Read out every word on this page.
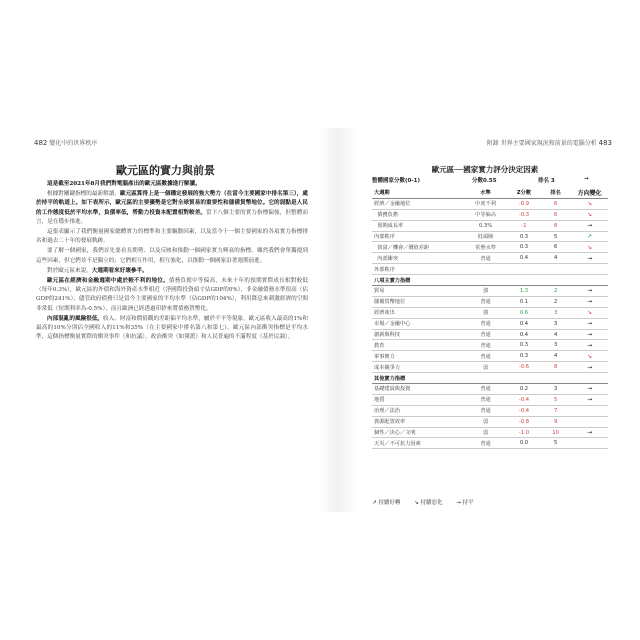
482 變化中的世界秩序
歐元區的實力與前景

這是截至2021年8月我們對電腦產出的歐元區數據進行解讀。

根據對關鍵指標的最新解讀，歐元區算得上是一個穩定發展的強大勢力（在當今主要國家中排名第三），處於持平的軌道上。如下表所示，歐元區的主要優勢是它對全球貿易的重要性和儲備貨幣地位。它的弱點是人民的工作態度低於平均水準，負債率低，勞動力投資本配置相對較差。當下八個主要的實力指標偏強，但整體而言，是在穩步推進。

這張表顯示了我們衡量國家總體實力的標準和主要驅動因素，以及當今十一個主要國家的各項實力指標排名和過去二十年的發展軌跡。

要了解一個國家，我們首先要看長期勢、以及反映和推動一個國家實力興衰的指標。雖然我們會單獨提到這些因素，但它們並不是獨立的；它們相互作用，相互強化，以推動一個國家沿著週期前進。

對於歐元區來說，大週期看來好壞參半。

歐元區在經濟和金融週期中處於較不利的地位。債務負擔中等偏高，未來十年的預期實際成長相對較低（每年0.3%），歐元區的外債和海外資產水準相近（淨國際投資頭寸佔GDP的0%），非金融債務水準很高（佔GDP的241%），儘管政府債務只是當今主要國家的平均水準（佔GDP的104%），利用降息來刺激經濟的空間非常低（短期利率為-0.5%），而且歐洲已經透過印鈔來將債務貨幣化。

內部混亂的風險很低，收入、財富和價值觀的差距偏平均水準，屬於不平等現象，歐元區收入最高的1%和最高的10%分別佔全國收入的11%和35%（在主要國家中排名第八和第七）。歐元區內部衝突指標是平均水準，這個指標衡量實際的衝突事件（和抗議），政治衝突（如黨派）和人民普遍的不滿程度（基於民調）。

附錄 世界主要國家現況和前景的電腦分析 483
歐元區──國家實力評分決定因素
整體國家分數(0-1)	分數0.55	排名 3	→
大週期	水準	Z分數	排名	方向變化
經濟／金融地位	中度不利	-0.9	6	↘
債務負擔	中等偏高	-0.3	6	↘
預期成長率	0.3%	-1	8	→
內部秩序	低風險	0.3	5	↗
貧富／機會／價值差距	常態水準	0.3	6	↘
內部衝突	普通	0.4	4	→
外部秩序				
八項主實力指標				
貿易	強	1.3	2	→
儲備貨幣地位	普通	0.1	2	→
經濟產出	強	0.6	3	↘
市場／金融中心	普通	0.4	3	→
創新與科技	普通	0.4	4	→
教育	普通	0.3	3	→
軍事實力	普通	0.3	4	↘
成本競爭力	弱	-0.6	8	→
其他實力指標				
基礎建設與投資	普通	0.2	3	→
地質	普通	-0.4	5	→
治理／法治	普通	-0.4	7	
資源配置效率	弱	-0.8	9	
個性／決心／文明	弱	-1.0	10	→
天災／不可抗力因素	普通	0.0	5	
↗ 持續好轉	↘ 持續惡化	→ 持平
